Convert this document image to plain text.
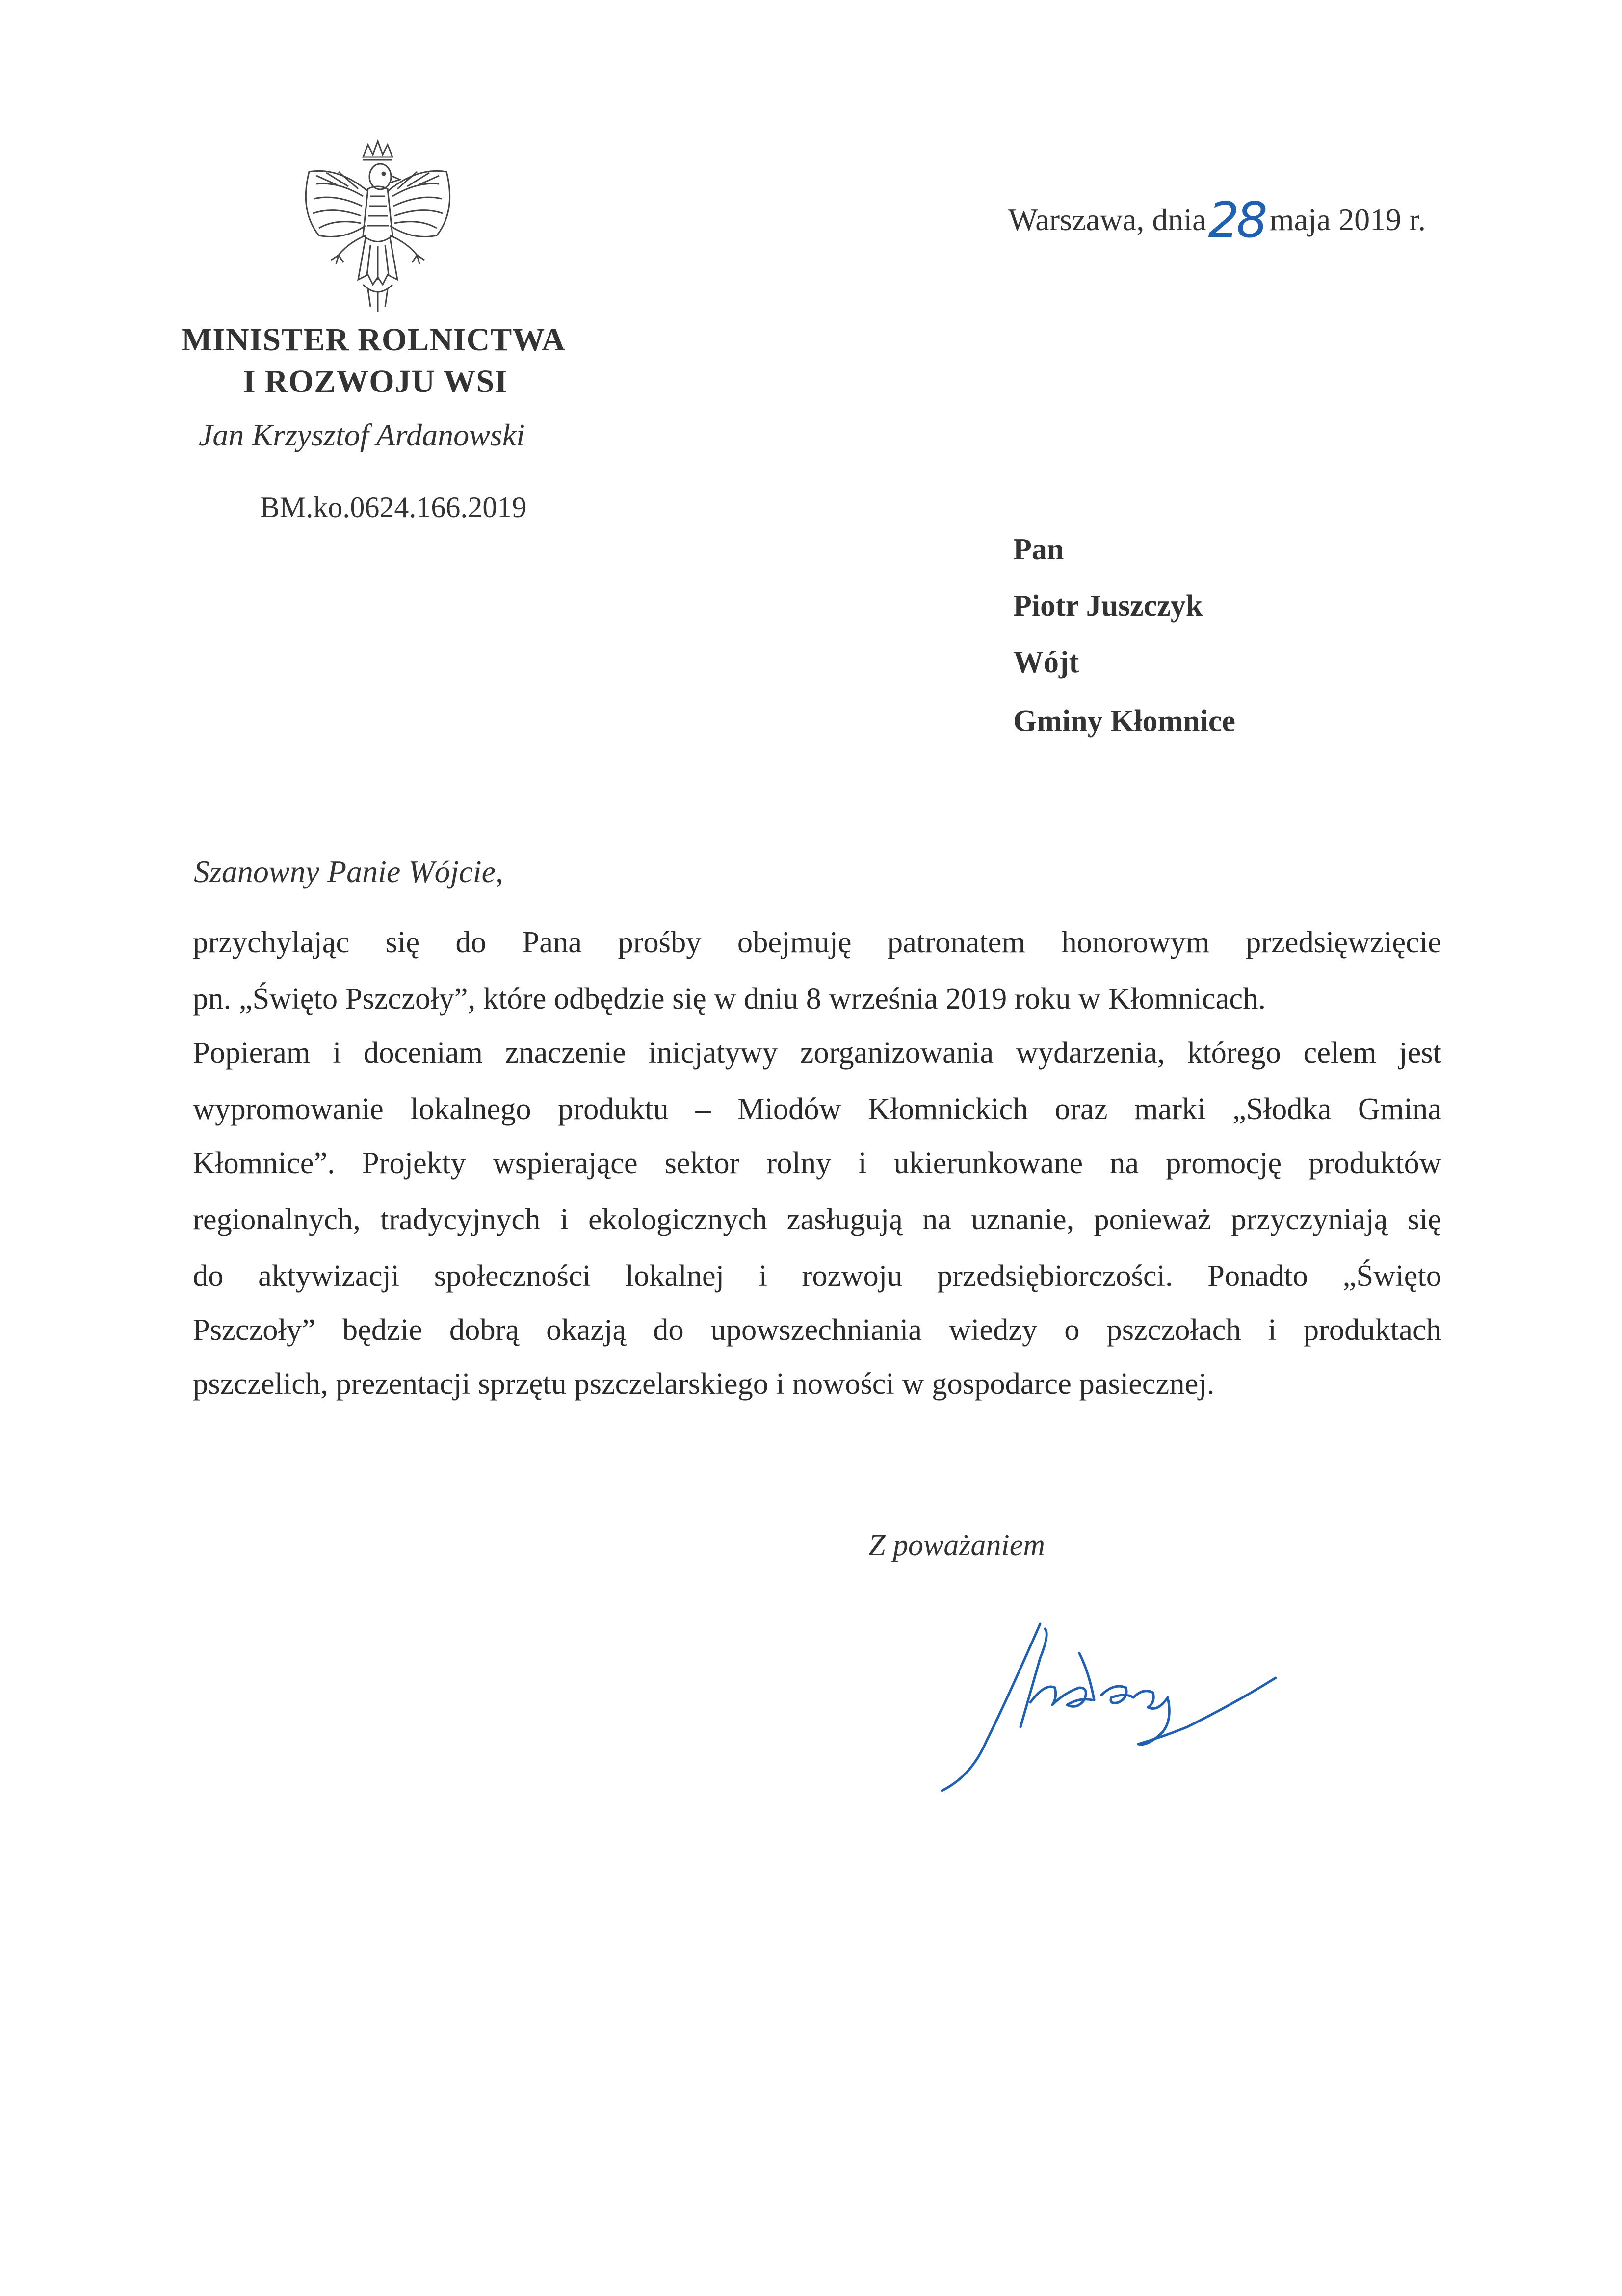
MINISTER ROLNICTWA
I ROZWOJU WSI
Jan Krzysztof Ardanowski
BM.ko.0624.166.2019
Warszawa, dnia28 maja 2019 r.
Pan
Piotr Juszczyk
Wójt
Gminy Kłomnice
Szanowny Panie Wójcie,
przychylając się do Pana prośby obejmuję patronatem honorowym przedsięwzięcie
pn. „Święto Pszczoły”, które odbędzie się w dniu 8 września 2019 roku w Kłomnicach.
Popieram i doceniam znaczenie inicjatywy zorganizowania wydarzenia, którego celem jest
wypromowanie lokalnego produktu – Miodów Kłomnickich oraz marki „Słodka Gmina
Kłomnice”. Projekty wspierające sektor rolny i ukierunkowane na promocję produktów
regionalnych, tradycyjnych i ekologicznych zasługują na uznanie, ponieważ przyczyniają się
do aktywizacji społeczności lokalnej i rozwoju przedsiębiorczości. Ponadto „Święto
Pszczoły” będzie dobrą okazją do upowszechniania wiedzy o pszczołach i produktach
pszczelich, prezentacji sprzętu pszczelarskiego i nowości w gospodarce pasiecznej.
Z poważaniem
